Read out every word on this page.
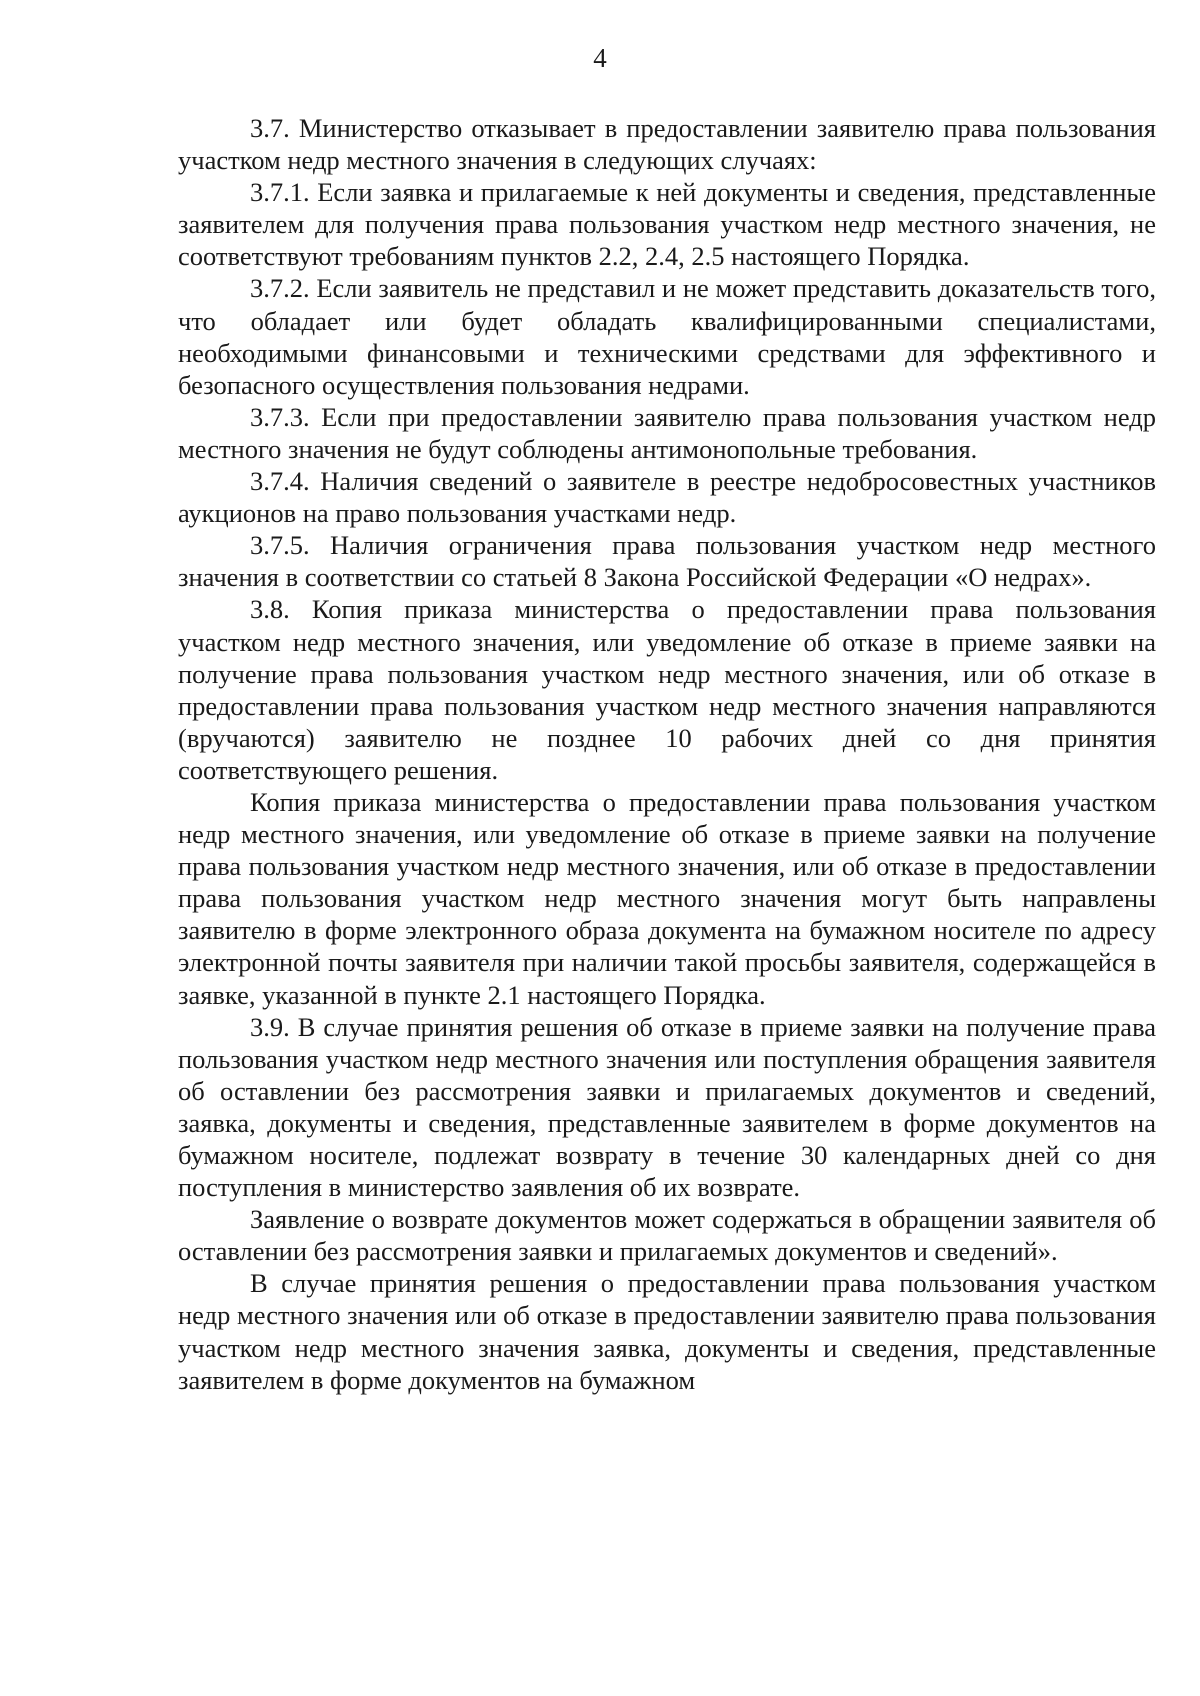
4

3.7. Министерство отказывает в предоставлении заявителю права пользования участком недр местного значения в следующих случаях:

3.7.1. Если заявка и прилагаемые к ней документы и сведения, представленные заявителем для получения права пользования участком недр местного значения, не соответствуют требованиям пунктов 2.2, 2.4, 2.5 настоящего Порядка.

3.7.2. Если заявитель не представил и не может представить доказательств того, что обладает или будет обладать квалифицированными специалистами, необходимыми финансовыми и техническими средствами для эффективного и безопасного осуществления пользования недрами.

3.7.3. Если при предоставлении заявителю права пользования участком недр местного значения не будут соблюдены антимонопольные требования.

3.7.4. Наличия сведений о заявителе в реестре недобросовестных участников аукционов на право пользования участками недр.

3.7.5. Наличия ограничения права пользования участком недр местного значения в соответствии со статьей 8 Закона Российской Федерации «О недрах».

3.8. Копия приказа министерства о предоставлении права пользования участком недр местного значения, или уведомление об отказе в приеме заявки на получение права пользования участком недр местного значения, или об отказе в предоставлении права пользования участком недр местного значения направляются (вручаются) заявителю не позднее 10 рабочих дней со дня принятия соответствующего решения.

Копия приказа министерства о предоставлении права пользования участком недр местного значения, или уведомление об отказе в приеме заявки на получение права пользования участком недр местного значения, или об отказе в предоставлении права пользования участком недр местного значения могут быть направлены заявителю в форме электронного образа документа на бумажном носителе по адресу электронной почты заявителя при наличии такой просьбы заявителя, содержащейся в заявке, указанной в пункте 2.1 настоящего Порядка.

3.9. В случае принятия решения об отказе в приеме заявки на получение права пользования участком недр местного значения или поступления обращения заявителя об оставлении без рассмотрения заявки и прилагаемых документов и сведений, заявка, документы и сведения, представленные заявителем в форме документов на бумажном носителе, подлежат возврату в течение 30 календарных дней со дня поступления в министерство заявления об их возврате.

Заявление о возврате документов может содержаться в обращении заявителя об оставлении без рассмотрения заявки и прилагаемых документов и сведений».

В случае принятия решения о предоставлении права пользования участком недр местного значения или об отказе в предоставлении заявителю права пользования участком недр местного значения заявка, документы и сведения, представленные заявителем в форме документов на бумажном
